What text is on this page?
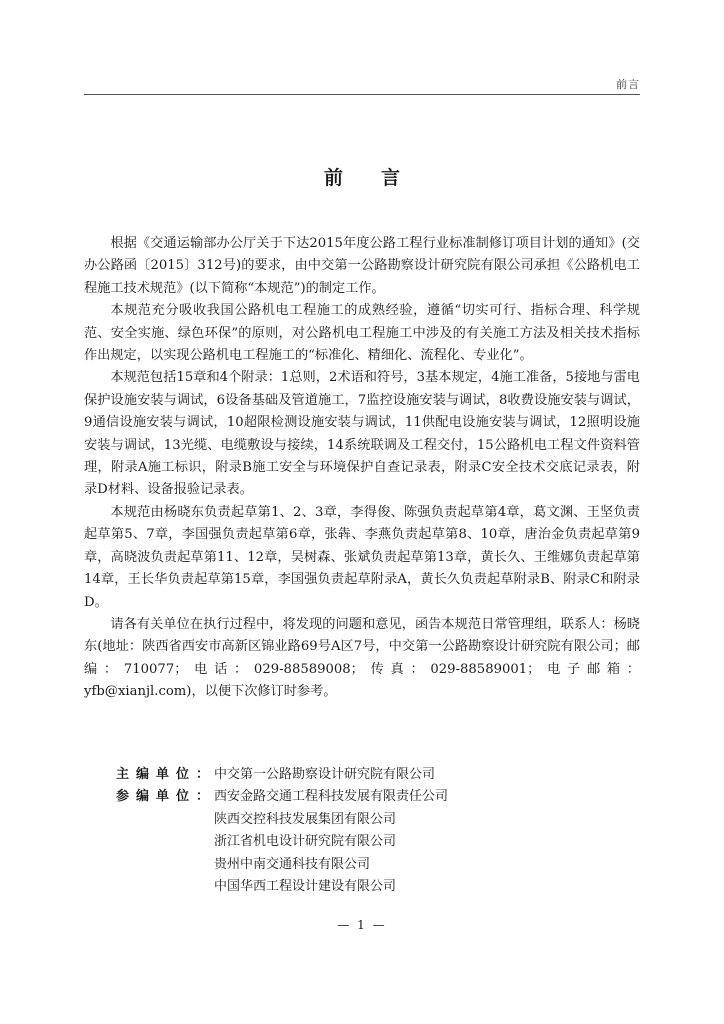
前言
前言

根据《交通运输部办公厅关于下达2015年度公路工程行业标准制修订项目计划的通知》(交办公路函〔2015〕312号)的要求，由中交第一公路勘察设计研究院有限公司承担《公路机电工程施工技术规范》(以下简称“本规范”)的制定工作。

本规范充分吸收我国公路机电工程施工的成熟经验，遵循“切实可行、指标合理、科学规范、安全实施、绿色环保”的原则，对公路机电工程施工中涉及的有关施工方法及相关技术指标作出规定，以实现公路机电工程施工的“标准化、精细化、流程化、专业化”。

本规范包括15章和4个附录：1总则，2术语和符号，3基本规定，4施工准备，5接地与雷电保护设施安装与调试，6设备基础及管道施工，7监控设施安装与调试，8收费设施安装与调试，9通信设施安装与调试，10超限检测设施安装与调试，11供配电设施安装与调试，12照明设施安装与调试，13光缆、电缆敷设与接续，14系统联调及工程交付，15公路机电工程文件资料管理，附录A施工标识，附录B施工安全与环境保护自查记录表，附录C安全技术交底记录表，附录D材料、设备报验记录表。

本规范由杨晓东负责起草第1、2、3章，李得俊、陈强负责起草第4章，葛文渊、王坚负责起草第5、7章，李国强负责起草第6章，张犇、李燕负责起草第8、10章，唐治金负责起草第9章，高晓波负责起草第11、12章，吴树森、张斌负责起草第13章，黄长久、王维娜负责起草第14章，王长华负责起草第15章，李国强负责起草附录A，黄长久负责起草附录B、附录C和附录D。

请各有关单位在执行过程中，将发现的问题和意见，函告本规范日常管理组，联系人：杨晓东(地址：陕西省西安市高新区锦业路69号A区7号，中交第一公路勘察设计研究院有限公司；邮编：710077；电话：029-88589008；传真：029-88589001；电子邮箱：yfb@xianjl.com)，以便下次修订时参考。

主编单位：
中交第一公路勘察设计研究院有限公司
参编单位：
西安金路交通工程科技发展有限责任公司
陕西交控科技发展集团有限公司
浙江省机电设计研究院有限公司
贵州中南交通科技有限公司
中国华西工程设计建设有限公司
— 1 —
